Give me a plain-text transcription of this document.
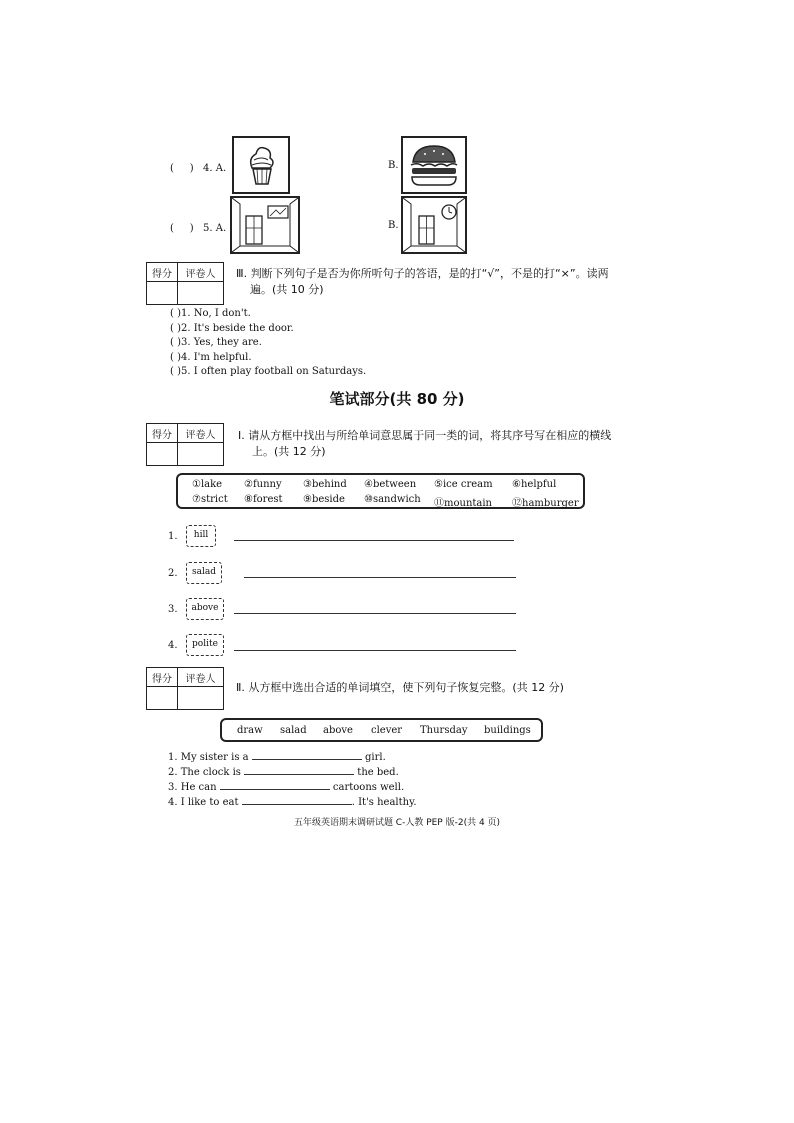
(     ) 4. A.	B.
(     ) 5. A.	B.
得分	评卷人
	Ⅲ. 判断下列句子是否为你所听句子的答语，是的打“√”，不是的打“×”。读两
遍。(共 10 分)
( )1. No, I don't.
( )2. It's beside the door.
( )3. Yes, they are.
( )4. I'm helpful.
( )5. I often play football on Saturdays.
笔试部分(共 80 分)
得分	评卷人
	Ⅰ. 请从方框中找出与所给单词意思属于同一类的词，将其序号写在相应的横线
上。(共 12 分)
①lake ②funny ③behind ④between ⑤ice cream ⑥helpful
⑦strict ⑧forest ⑨beside ⑩sandwich ⑪mountain ⑫hamburger
1.	hill
2.	salad
3.	above
4.	polite
得分	评卷人

Ⅱ. 从方框中选出合适的单词填空，使下列句子恢复完整。(共 12 分)
draw salad above clever Thursday buildings
1. My sister is a	girl.
2. The clock is	the bed.
3. He can	cartoons well.
4. I like to eat	. It's healthy.
五年级英语期末调研试题 C-人教 PEP 版-2(共 4 页)
